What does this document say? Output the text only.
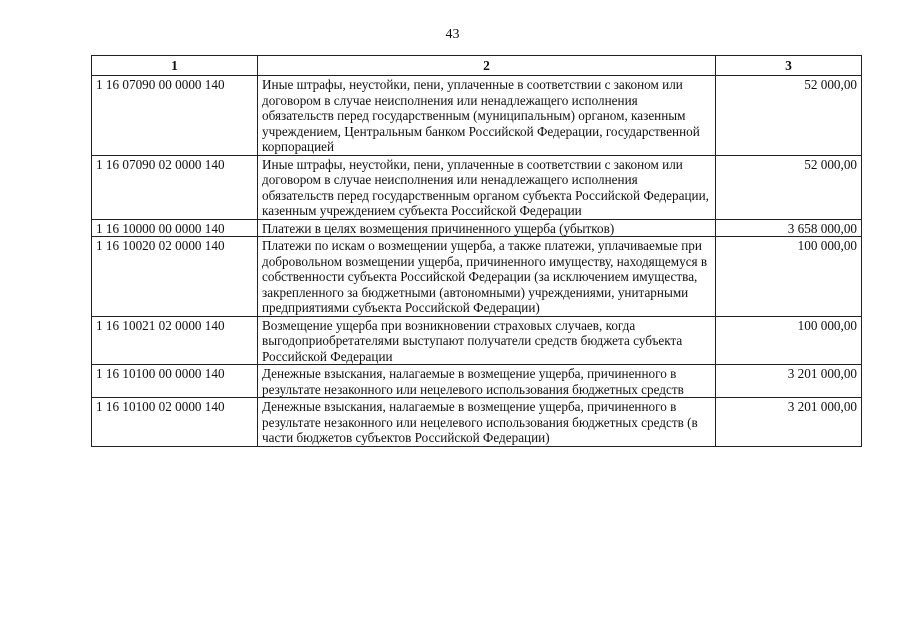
43
1	2	3
1 16 07090 00 0000 140	Иные штрафы, неустойки, пени, уплаченные в соответствии с законом или договором в случае неисполнения или ненадлежащего исполнения обязательств перед государственным (муниципальным) органом, казенным учреждением, Центральным банком Российской Федерации, государственной корпорацией	52 000,00
1 16 07090 02 0000 140	Иные штрафы, неустойки, пени, уплаченные в соответствии с законом или договором в случае неисполнения или ненадлежащего исполнения обязательств перед государственным органом субъекта Российской Федерации, казенным учреждением субъекта Российской Федерации	52 000,00
1 16 10000 00 0000 140	Платежи в целях возмещения причиненного ущерба (убытков)	3 658 000,00
1 16 10020 02 0000 140	Платежи по искам о возмещении ущерба, а также платежи, уплачиваемые при добровольном возмещении ущерба, причиненного имуществу, находящемуся в собственности субъекта Российской Федерации (за исключением имущества, закрепленного за бюджетными (автономными) учреждениями, унитарными предприятиями субъекта Российской Федерации)	100 000,00
1 16 10021 02 0000 140	Возмещение ущерба при возникновении страховых случаев, когда выгодоприобретателями выступают получатели средств бюджета субъекта Российской Федерации	100 000,00
1 16 10100 00 0000 140	Денежные взыскания, налагаемые в возмещение ущерба, причиненного в результате незаконного или нецелевого использования бюджетных средств	3 201 000,00
1 16 10100 02 0000 140	Денежные взыскания, налагаемые в возмещение ущерба, причиненного в результате незаконного или нецелевого использования бюджетных средств (в части бюджетов субъектов Российской Федерации)	3 201 000,00
